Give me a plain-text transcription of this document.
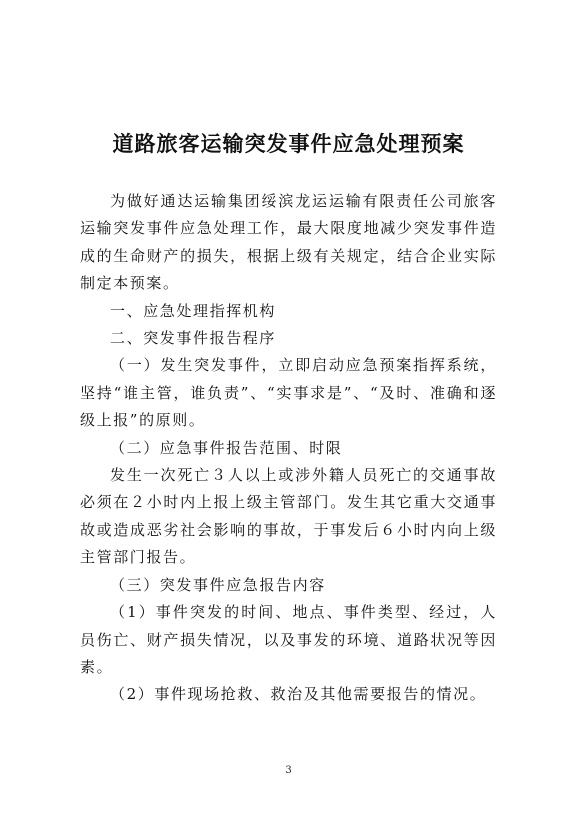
道路旅客运输突发事件应急处理预案

为做好通达运输集团绥滨龙运运输有限责任公司旅客运输突发事件应急处理工作，最大限度地减少突发事件造成的生命财产的损失，根据上级有关规定，结合企业实际制定本预案。

一、应急处理指挥机构

二、突发事件报告程序

（一）发生突发事件，立即启动应急预案指挥系统，坚持“谁主管，谁负责”、“实事求是”、“及时、准确和逐级上报”的原则。

（二）应急事件报告范围、时限

发生一次死亡３人以上或涉外籍人员死亡的交通事故必须在２小时内上报上级主管部门。发生其它重大交通事故或造成恶劣社会影响的事故，于事发后６小时内向上级主管部门报告。

（三）突发事件应急报告内容

（1）事件突发的时间、地点、事件类型、经过，人员伤亡、财产损失情况，以及事发的环境、道路状况等因素。

（2）事件现场抢救、救治及其他需要报告的情况。

3
